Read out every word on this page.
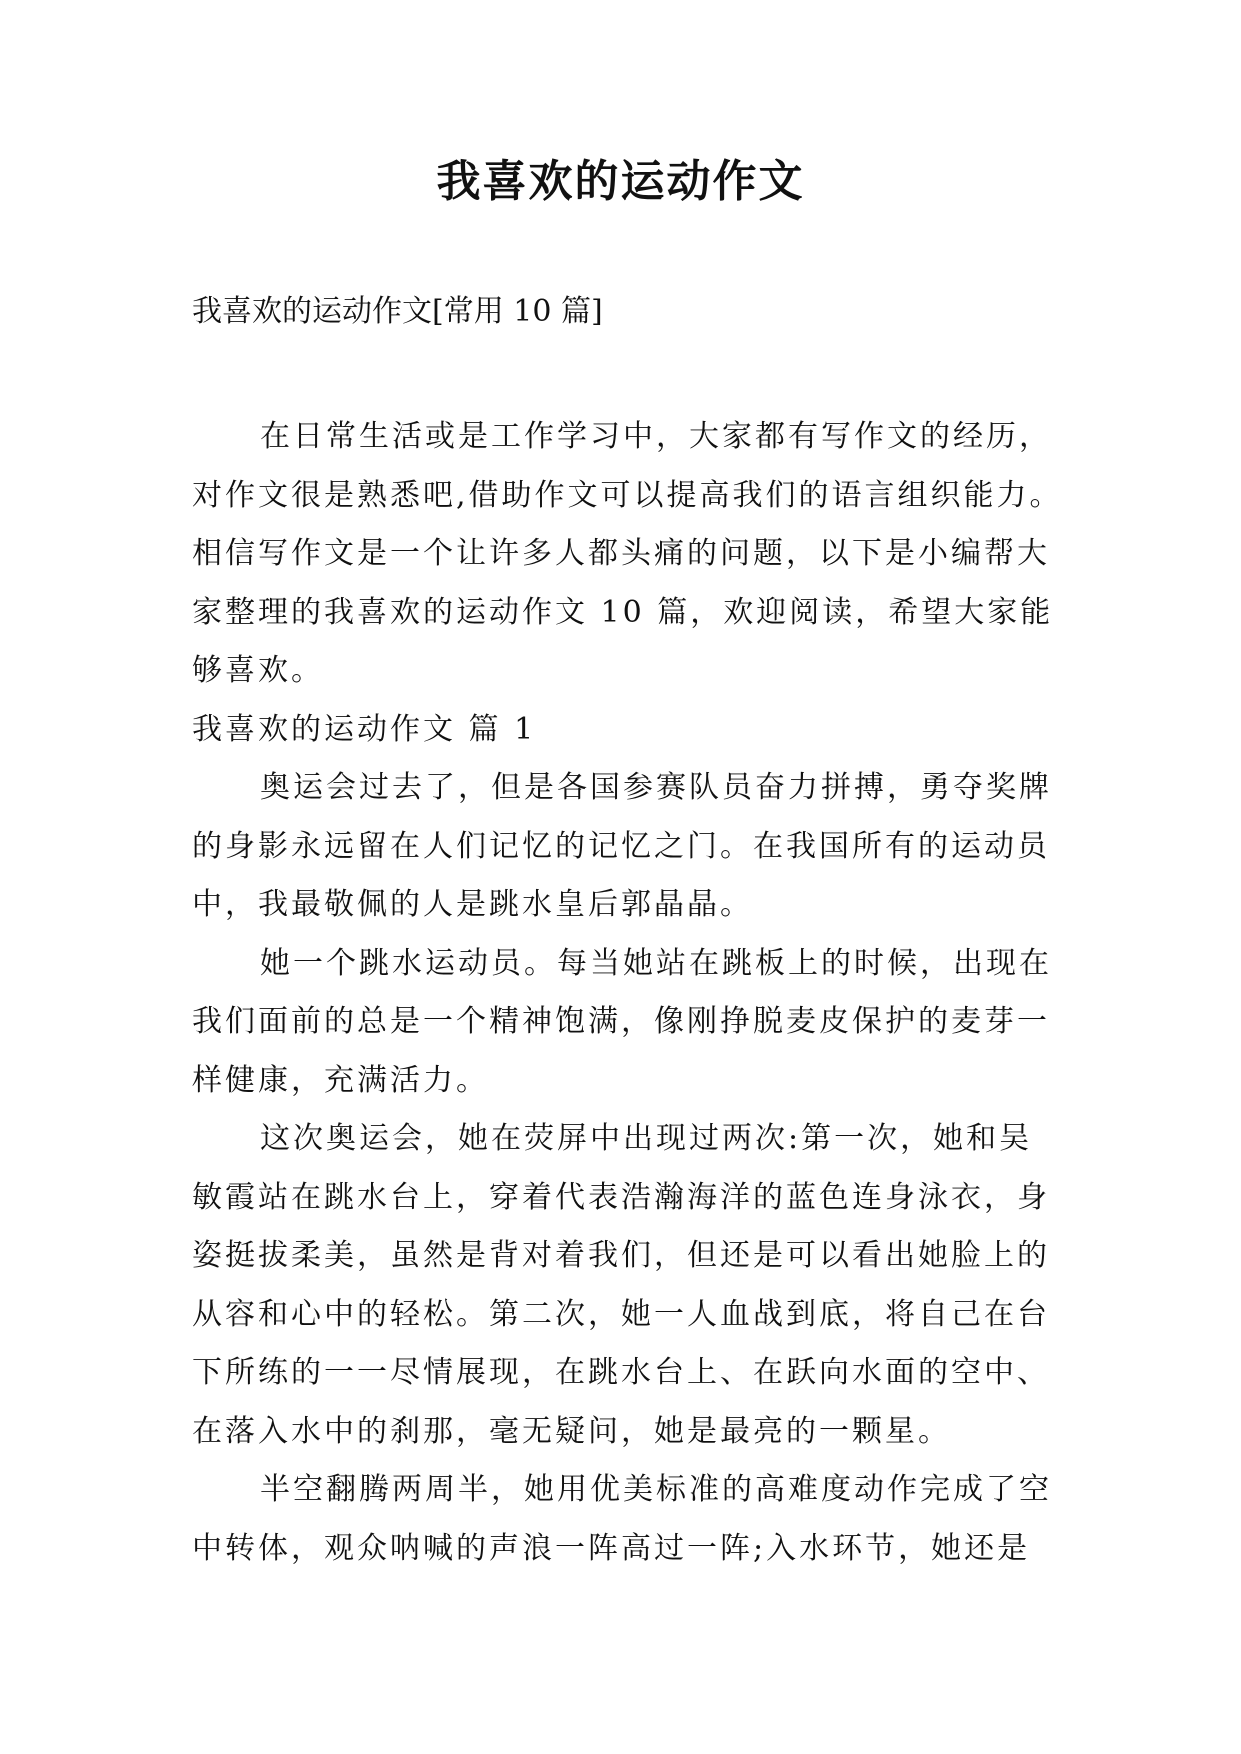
我喜欢的运动作文
我喜欢的运动作文[常用 10 篇]
在日常生活或是工作学习中，大家都有写作文的经历，
对作文很是熟悉吧,借助作文可以提高我们的语言组织能力。
相信写作文是一个让许多人都头痛的问题，以下是小编帮大
家整理的我喜欢的运动作文 10 篇，欢迎阅读，希望大家能
够喜欢。
我喜欢的运动作文 篇 1
奥运会过去了，但是各国参赛队员奋力拼搏，勇夺奖牌
的身影永远留在人们记忆的记忆之门。在我国所有的运动员
中，我最敬佩的人是跳水皇后郭晶晶。
她一个跳水运动员。每当她站在跳板上的时候，出现在
我们面前的总是一个精神饱满，像刚挣脱麦皮保护的麦芽一
样健康，充满活力。
这次奥运会，她在荧屏中出现过两次:第一次，她和吴
敏霞站在跳水台上，穿着代表浩瀚海洋的蓝色连身泳衣，身
姿挺拔柔美，虽然是背对着我们，但还是可以看出她脸上的
从容和心中的轻松。第二次，她一人血战到底，将自己在台
下所练的一一尽情展现，在跳水台上、在跃向水面的空中、
在落入水中的刹那，毫无疑问，她是最亮的一颗星。
半空翻腾两周半，她用优美标准的高难度动作完成了空
中转体，观众呐喊的声浪一阵高过一阵;入水环节，她还是
